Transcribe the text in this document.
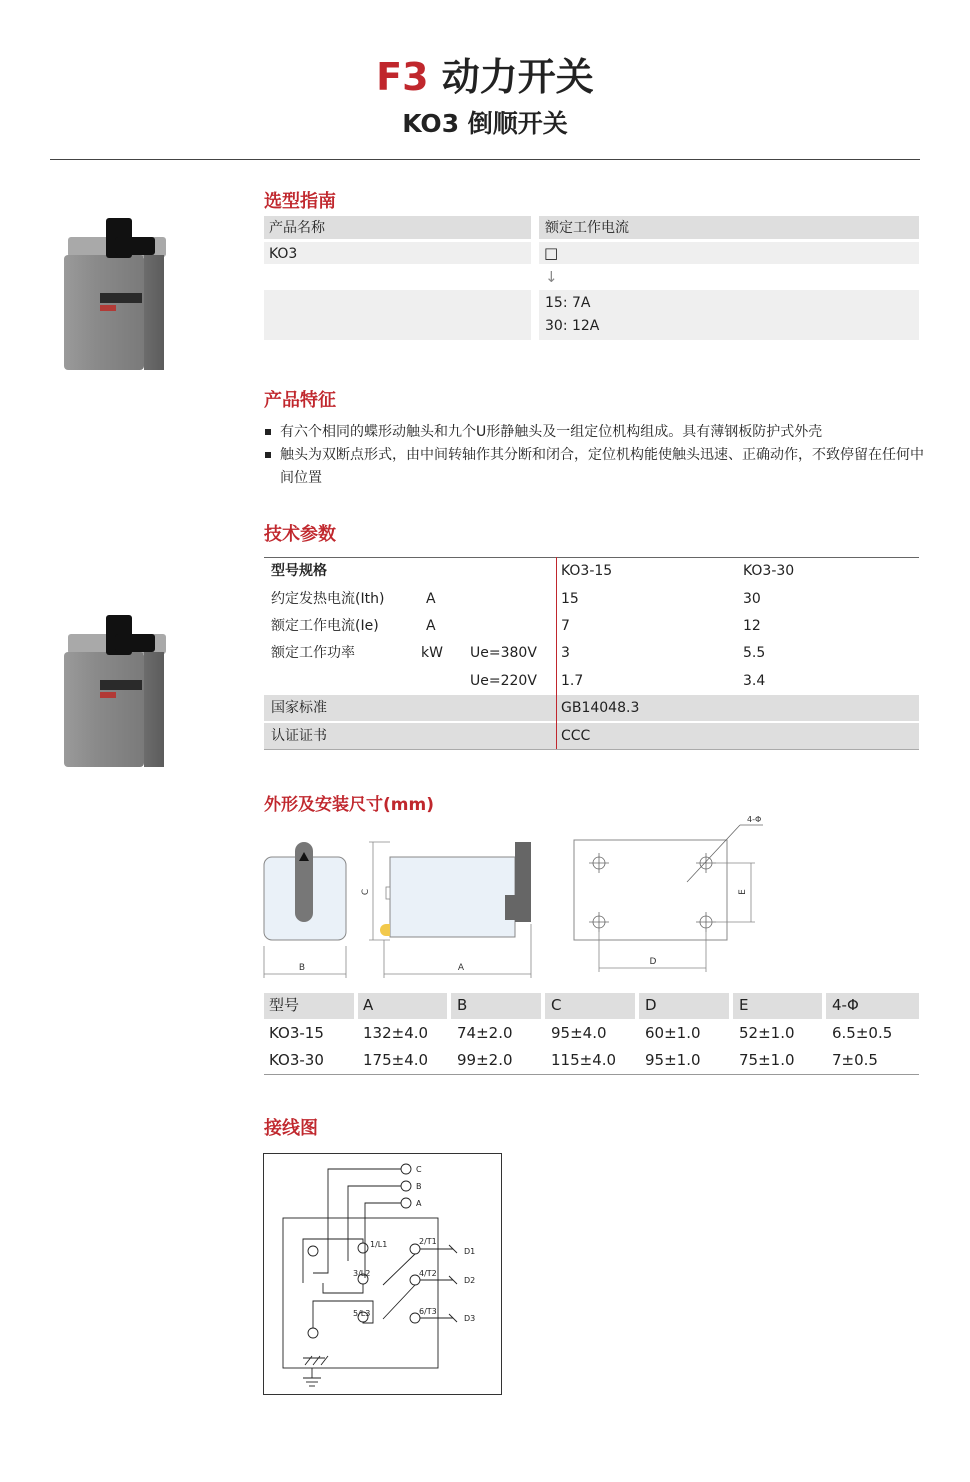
F3 动力开关
KO3 倒顺开关
选型指南
产品名称	额定工作电流
KO3	□
↓
15: 7A
30: 12A
产品特征
有六个相同的蝶形动触头和九个U形静触头及一组定位机构组成。具有薄钢板防护式外壳
触头为双断点形式，由中间转轴作其分断和闭合，定位机构能使触头迅速、正确动作，不致停留在任何中间位置
技术参数
型号规格	KO3-15	KO3-30
约定发热电流(Ith)	A	15	30
额定工作电流(Ie)	A	7	12
额定工作功率	kW Ue=380V 3	5.5
Ue=220V 1.7	3.4
国家标准	GB14048.3
认证证书	CCC
外形及安装尺寸(mm)
B
C
A
4-Φ
E
D
型号	A	B	C	D	E	4-Φ
KO3-15	132±4.0 74±2.0	95±4.0	60±1.0	52±1.0 6.5±0.5
KO3-30	175±4.0 99±2.0	115±4.0 95±1.0	75±1.0 7±0.5
接线图
C
B
A
1/L1	2/T1
3/L2	4/T2
5/L3	6/T3
D1
D2
D3
